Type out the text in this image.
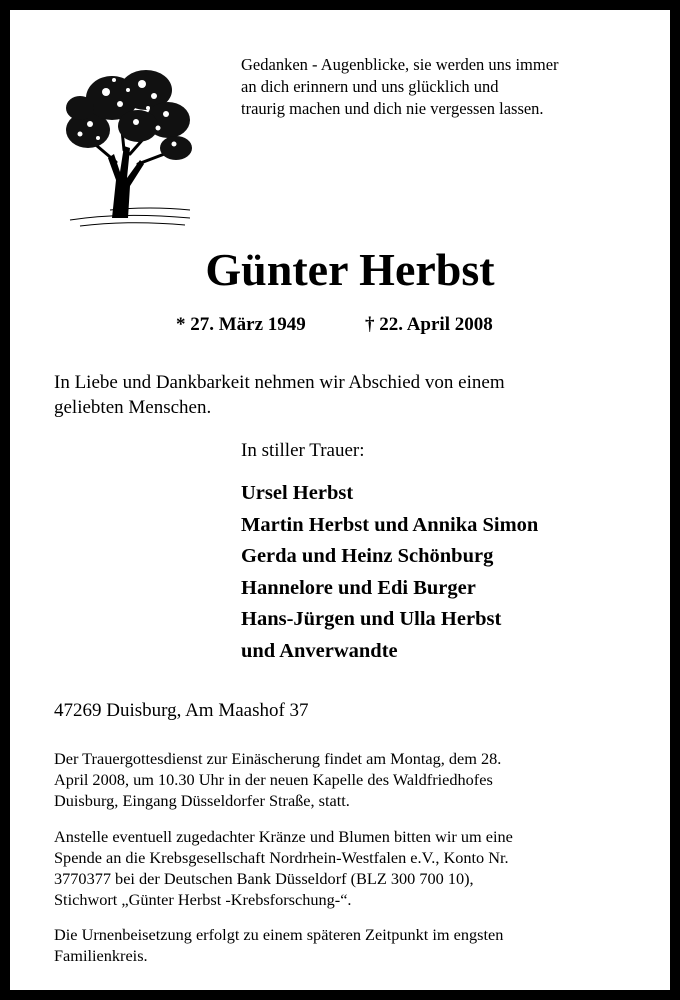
Gedanken - Augenblicke, sie werden uns immer
an dich erinnern und uns glücklich und
traurig machen und dich nie vergessen lassen.
Günter Herbst
* 27. März 1949	† 22. April 2008
In Liebe und Dankbarkeit nehmen wir Abschied von einem
geliebten Menschen.
In stiller Trauer:
Ursel Herbst
Martin Herbst und Annika Simon
Gerda und Heinz Schönburg
Hannelore und Edi Burger
Hans-Jürgen und Ulla Herbst
und Anverwandte
47269 Duisburg, Am Maashof 37
Der Trauergottesdienst zur Einäscherung findet am Montag, dem 28.
April 2008, um 10.30 Uhr in der neuen Kapelle des Waldfriedhofes
Duisburg, Eingang Düsseldorfer Straße, statt.
Anstelle eventuell zugedachter Kränze und Blumen bitten wir um eine
Spende an die Krebsgesellschaft Nordrhein-Westfalen e.V., Konto Nr.
3770377 bei der Deutschen Bank Düsseldorf (BLZ 300 700 10),
Stichwort „Günter Herbst -Krebsforschung-“.
Die Urnenbeisetzung erfolgt zu einem späteren Zeitpunkt im engsten
Familienkreis.
